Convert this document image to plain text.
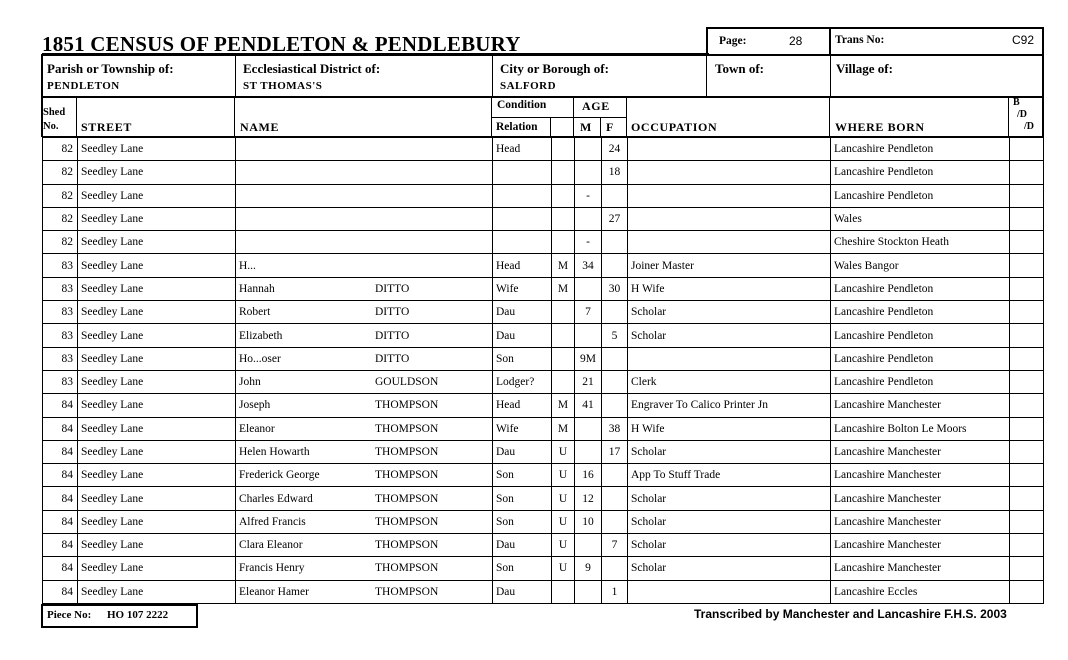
1851 CENSUS OF PENDLETON & PENDLEBURY	Page:	28	Trans No:	C92
Parish or Township of:
PENDLETON
Ecclesiastical District of:
ST THOMAS'S
City or Borough of:
SALFORD
Town of:	Village of:
Shed
No. STREET	NAME
Condition
Relation
AGE
M F OCCUPATION	WHERE BORN
B
/D
/D
82	Seedley Lane		Head			24		Lancashire Pendleton	
82	Seedley Lane					18		Lancashire Pendleton	
82	Seedley Lane				-			Lancashire Pendleton	
82	Seedley Lane					27		Wales	
82	Seedley Lane				-			Cheshire Stockton Heath	
83	Seedley Lane	H...	Head	M	34		Joiner Master	Wales Bangor	
83	Seedley Lane	Hannah DITTO	Wife	M		30	H Wife	Lancashire Pendleton	
83	Seedley Lane	Robert DITTO	Dau		7		Scholar	Lancashire Pendleton	
83	Seedley Lane	Elizabeth DITTO	Dau			5	Scholar	Lancashire Pendleton	
83	Seedley Lane	Ho...oser DITTO	Son		9M			Lancashire Pendleton	
83	Seedley Lane	John GOULDSON	Lodger?		21		Clerk	Lancashire Pendleton	
84	Seedley Lane	Joseph THOMPSON	Head	M	41		Engraver To Calico Printer Jn	Lancashire Manchester	
84	Seedley Lane	Eleanor THOMPSON	Wife	M		38	H Wife	Lancashire Bolton Le Moors	
84	Seedley Lane	Helen Howarth THOMPSON	Dau	U		17	Scholar	Lancashire Manchester	
84	Seedley Lane	Frederick George THOMPSON	Son	U	16		App To Stuff Trade	Lancashire Manchester	
84	Seedley Lane	Charles Edward THOMPSON	Son	U	12		Scholar	Lancashire Manchester	
84	Seedley Lane	Alfred Francis THOMPSON	Son	U	10		Scholar	Lancashire Manchester	
84	Seedley Lane	Clara Eleanor THOMPSON	Dau	U		7	Scholar	Lancashire Manchester	
84	Seedley Lane	Francis Henry THOMPSON	Son	U	9		Scholar	Lancashire Manchester	
84	Seedley Lane	Eleanor Hamer THOMPSON	Dau			1		Lancashire Eccles	
Piece No: HO 107 2222	Transcribed by Manchester and Lancashire F.H.S. 2003
